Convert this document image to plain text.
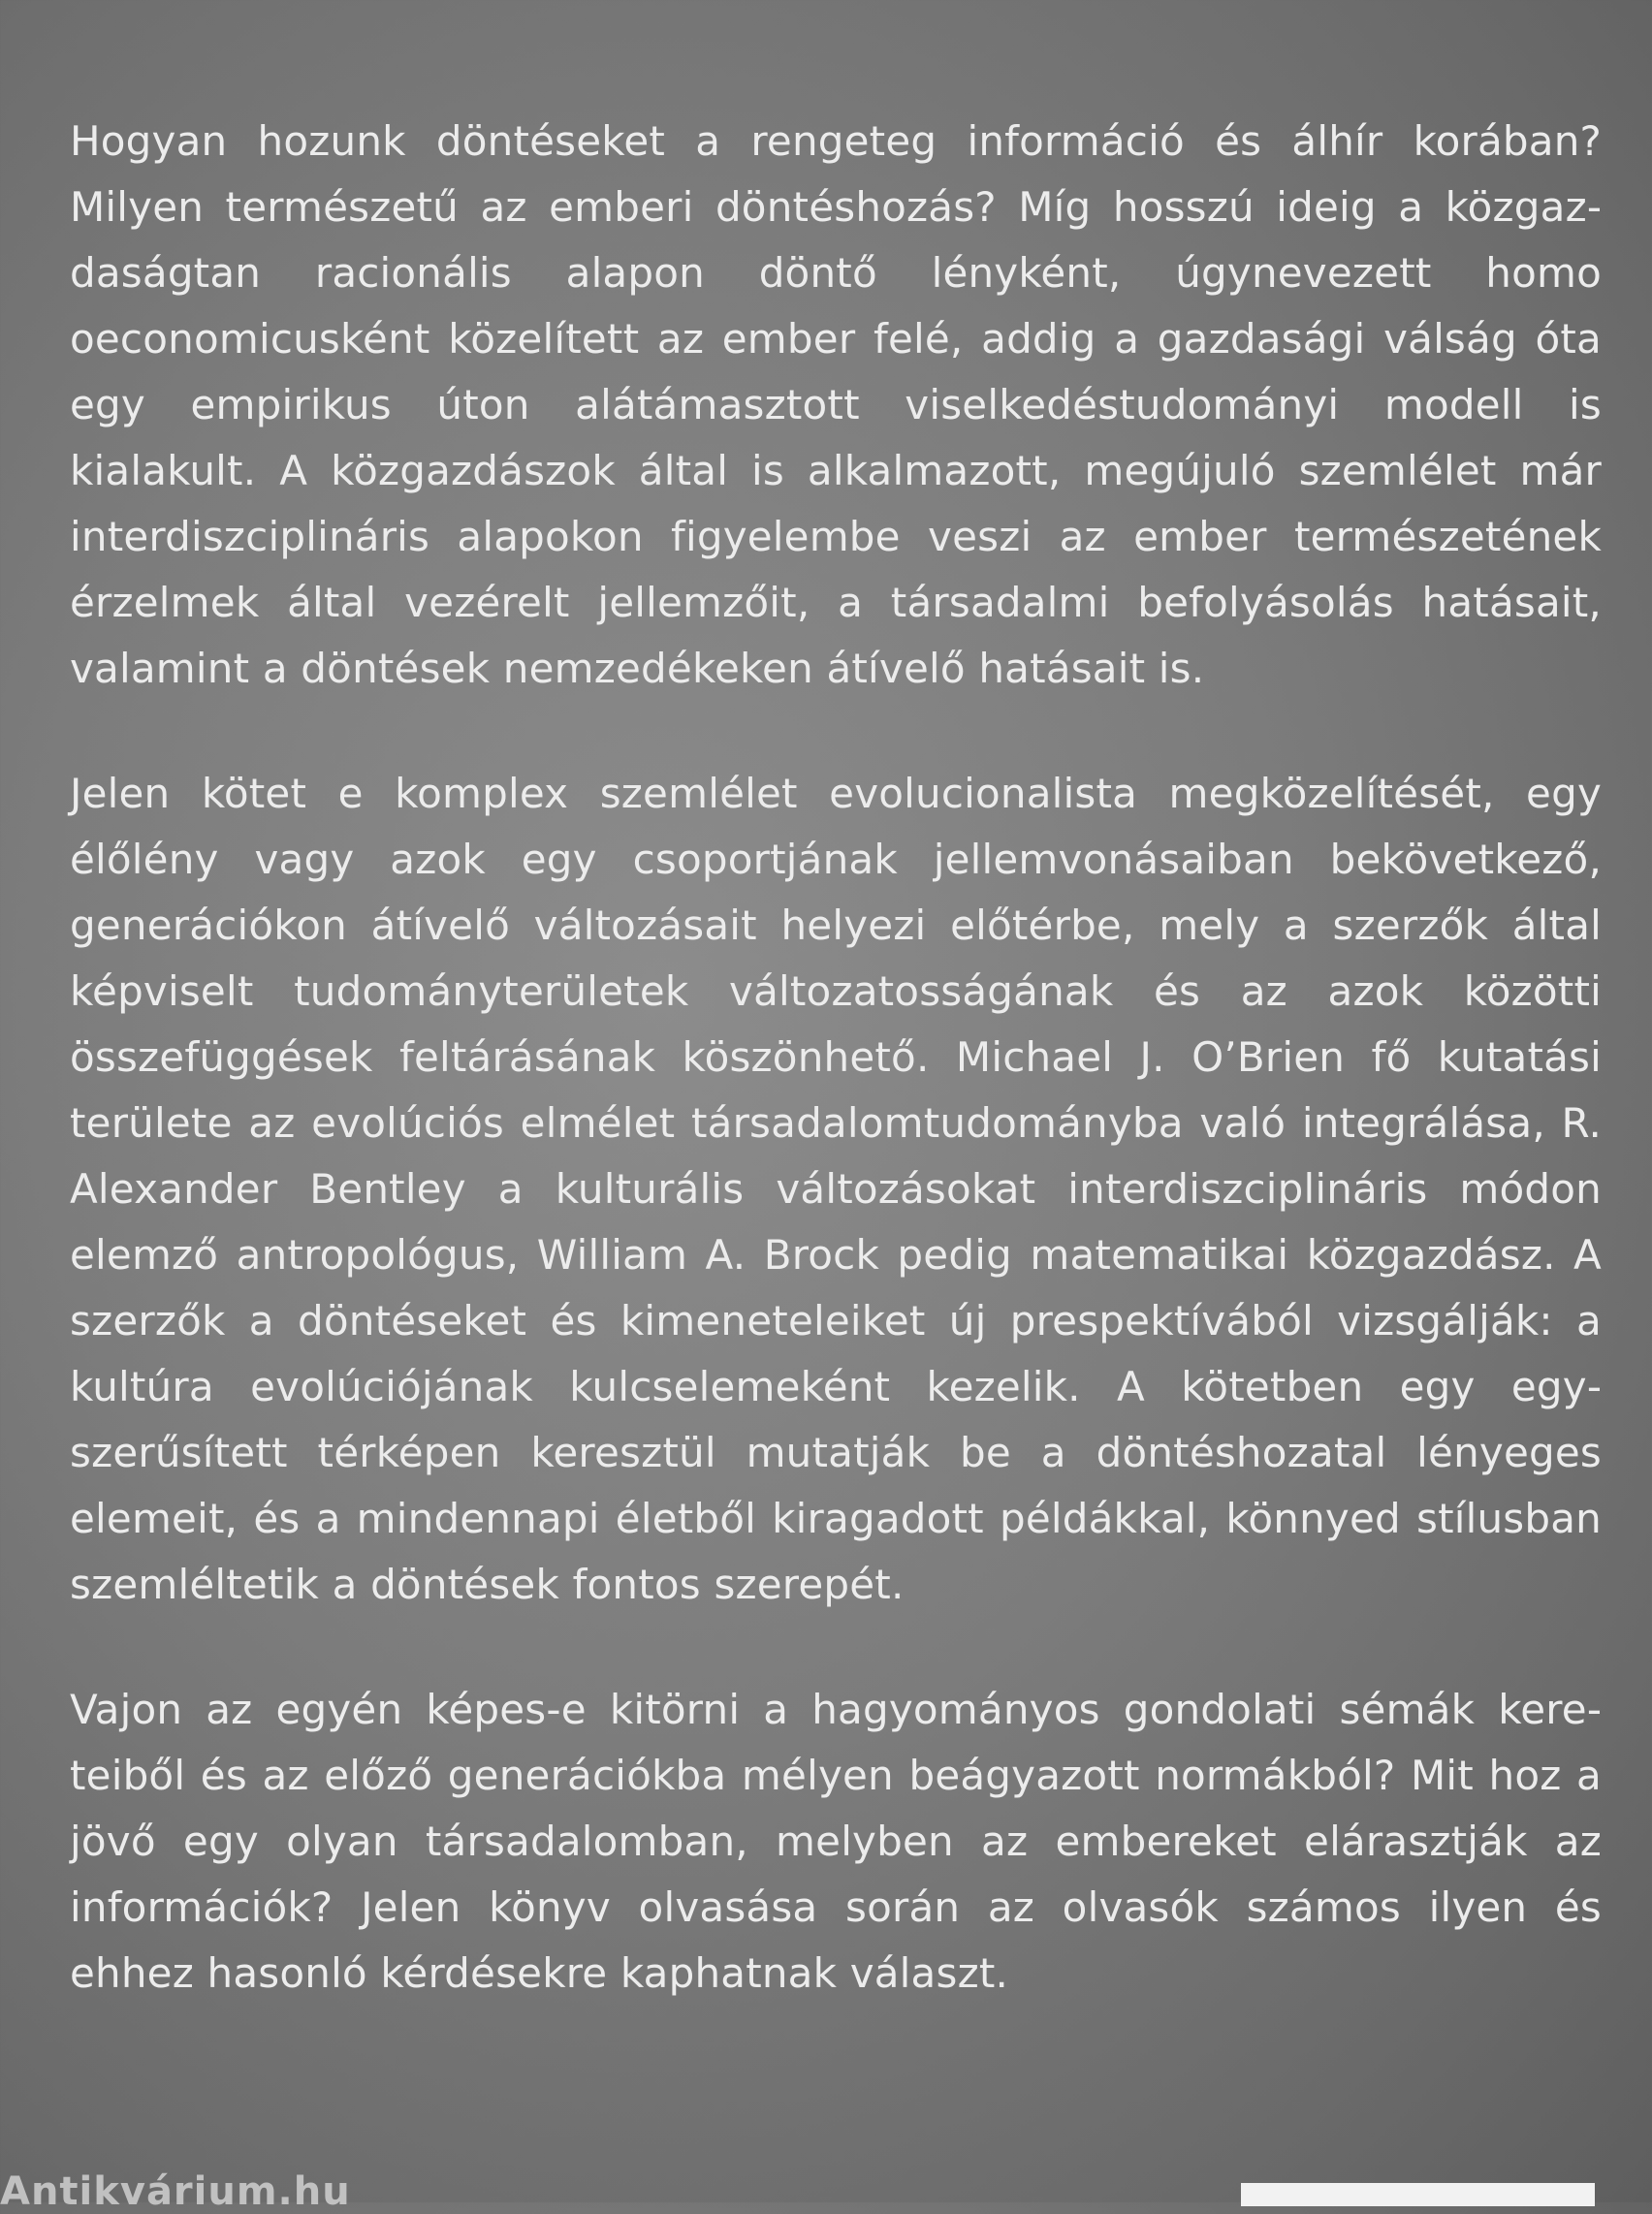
Hogyan hozunk döntéseket a rengeteg információ és álhír korában? Milyen természetű az emberi döntéshozás? Míg hosszú ideig a közgazdaságtan racionális alapon döntő lényként, úgynevezett homo oeconomicusként közelített az ember felé, addig a gazdasági válság óta egy empirikus úton alátámasztott viselkedéstudományi modell is kialakult. A közgazdászok által is alkalmazott, megújuló szemlélet már interdiszciplináris alapokon figyelembe veszi az ember természetének érzelmek által vezérelt jellemzőit, a társadalmi befolyásolás hatásait, valamint a döntések nemzedékeken átívelő hatásait is.

Jelen kötet e komplex szemlélet evolucionalista megközelítését, egy élőlény vagy azok egy csoportjának jellemvonásaiban bekövetkező, generációkon átívelő változásait helyezi előtérbe, mely a szerzők által képviselt tudományterületek változatosságának és az azok közötti összefüggések feltárásának köszönhető. Michael J. O’Brien fő kutatási területe az evolúciós elmélet társadalomtudományba való integrálása, R. Alexander Bentley a kulturális változásokat interdiszciplináris módon elemző antropológus, William A. Brock pedig matematikai közgazdász. A szerzők a döntéseket és kimeneteleiket új prespektívából vizsgálják: a kultúra evolúciójának kulcselemeként kezelik. A kötetben egy egyszerűsített térképen keresztül mutatják be a döntéshozatal lényeges elemeit, és a mindennapi életből kiragadott példákkal, könnyed stílusban szemléltetik a döntések fontos szerepét.

Vajon az egyén képes-e kitörni a hagyományos gondolati sémák kereteiből és az előző generációkba mélyen beágyazott normákból? Mit hoz a jövő egy olyan társadalomban, melyben az embereket elárasztják az információk? Jelen könyv olvasása során az olvasók számos ilyen és ehhez hasonló kérdésekre kaphatnak választ.

Antikvárium.hu
